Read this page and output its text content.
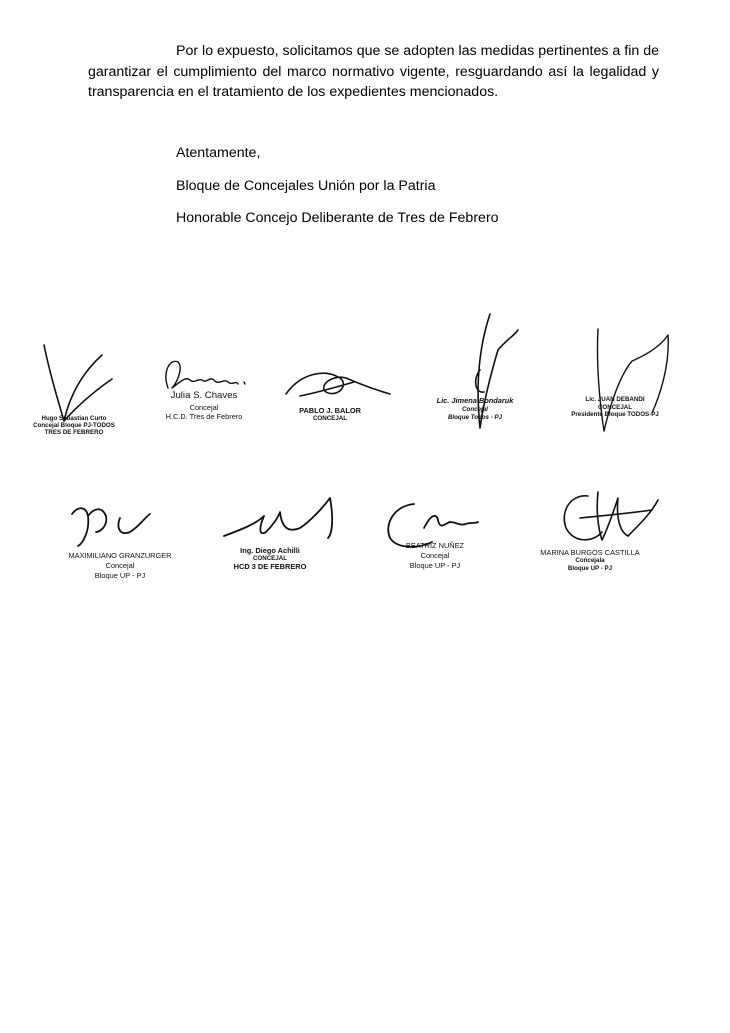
Por lo expuesto, solicitamos que se adopten las medidas pertinentes a fin de garantizar el cumplimiento del marco normativo vigente, resguardando así la legalidad y transparencia en el tratamiento de los expedientes mencionados.

Atentamente,

Bloque de Concejales Unión por la Patria

Honorable Concejo Deliberante de Tres de Febrero

Hugo Sebastian Curto
Concejal Bloque PJ-TODOS
TRES DE FEBRERO
Julia S. Chaves
Concejal
H.C.D. Tres de Febrero
PABLO J. BALOR
CONCEJAL
Lic. Jimena Bondaruk
Concejal
Bloque Todos - PJ
Lic. JUAN DEBANDI
CONCEJAL
Presidente Bloque TODOS-PJ
MAXIMILIANO GRANZURGER
Concejal
Bloque UP - PJ
Ing. Diego Achilli
CONCEJAL
HCD 3 DE FEBRERO
BEATRIZ NUÑEZ
Concejal
Bloque UP - PJ
MARINA BURGOS CASTILLA
Concejala
Bloque UP - PJ
